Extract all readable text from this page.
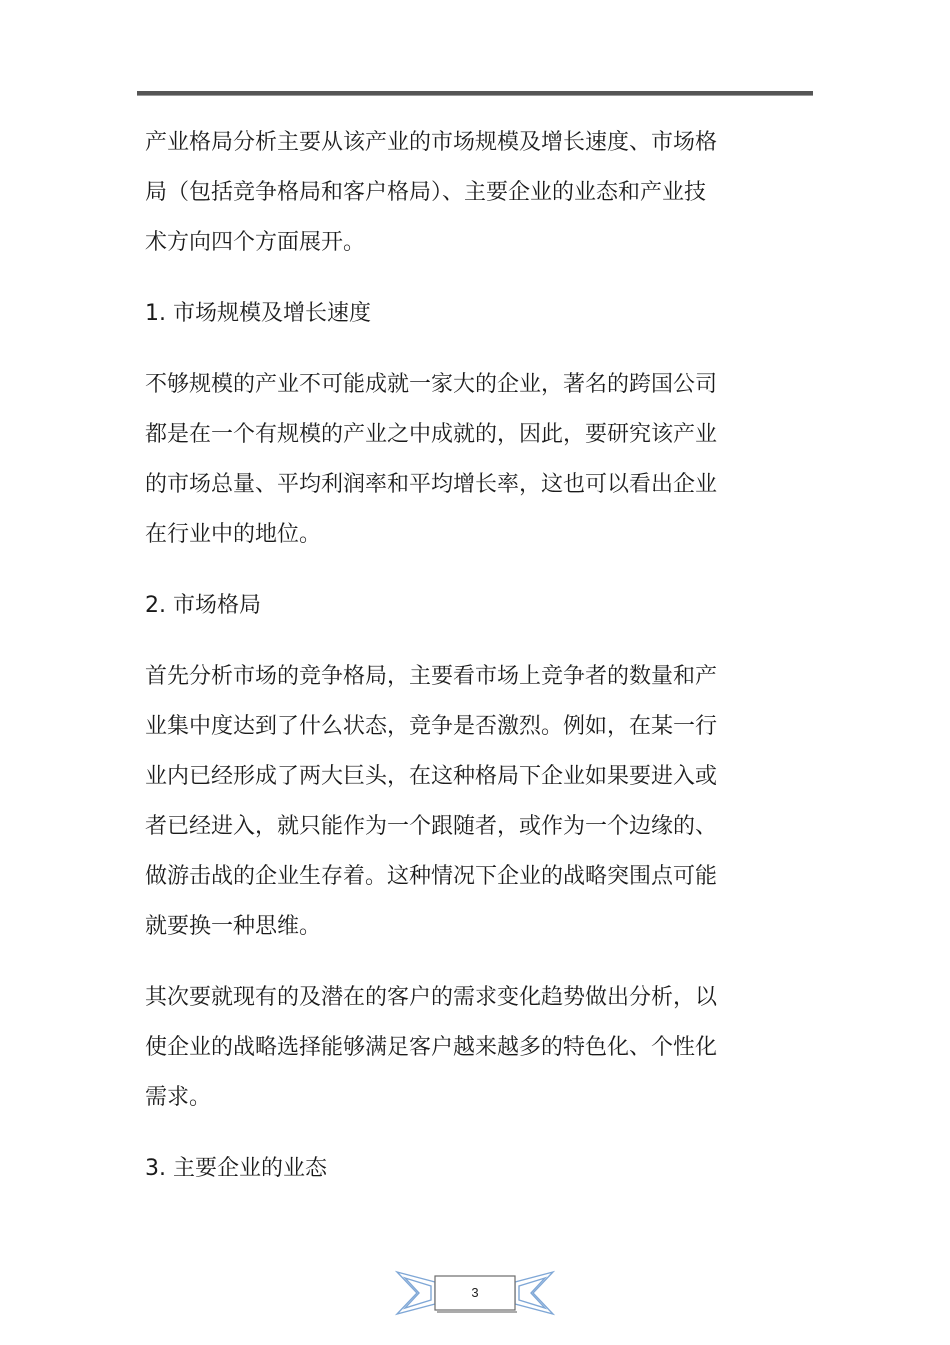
产业格局分析主要从该产业的市场规模及增长速度、市场格
局（包括竞争格局和客户格局）、主要企业的业态和产业技
术方向四个方面展开。

1. 市场规模及增长速度

不够规模的产业不可能成就一家大的企业，著名的跨国公司
都是在一个有规模的产业之中成就的，因此，要研究该产业
的市场总量、平均利润率和平均增长率，这也可以看出企业
在行业中的地位。

2. 市场格局

首先分析市场的竞争格局，主要看市场上竞争者的数量和产
业集中度达到了什么状态，竞争是否激烈。例如，在某一行
业内已经形成了两大巨头，在这种格局下企业如果要进入或
者已经进入，就只能作为一个跟随者，或作为一个边缘的、
做游击战的企业生存着。这种情况下企业的战略突围点可能
就要换一种思维。

其次要就现有的及潜在的客户的需求变化趋势做出分析，以
使企业的战略选择能够满足客户越来越多的特色化、个性化
需求。

3. 主要企业的业态

3
